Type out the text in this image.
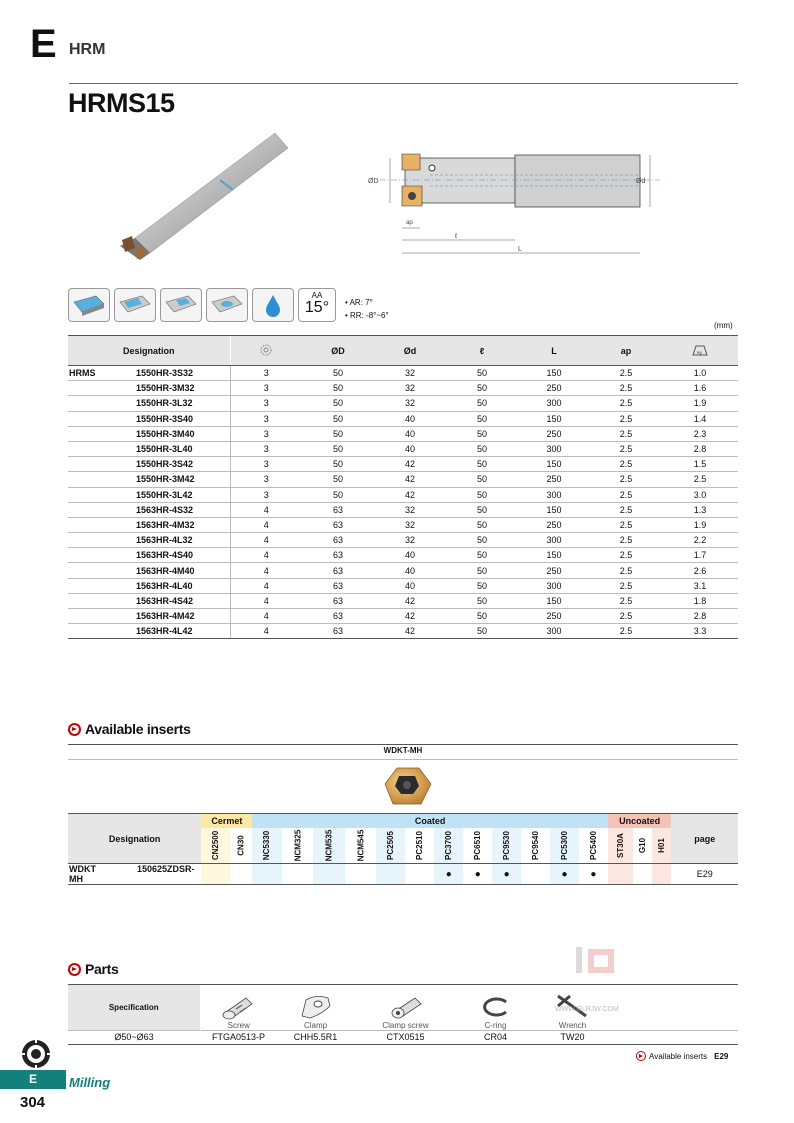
E HRM
HRMS15
ØD	Ød
ap
ℓ
L
AA
15°	• AR: 7°
• RR: -8°~6°
(mm)
Designation			ØD	Ød	ℓ	L	ap	kg

HRMS	1550HR-3S32	3	50	32	50	150	2.5	1.0
	1550HR-3M32	3	50	32	50	250	2.5	1.6
	1550HR-3L32	3	50	32	50	300	2.5	1.9
	1550HR-3S40	3	50	40	50	150	2.5	1.4
	1550HR-3M40	3	50	40	50	250	2.5	2.3
	1550HR-3L40	3	50	40	50	300	2.5	2.8
	1550HR-3S42	3	50	42	50	150	2.5	1.5
	1550HR-3M42	3	50	42	50	250	2.5	2.5
	1550HR-3L42	3	50	42	50	300	2.5	3.0
	1563HR-4S32	4	63	32	50	150	2.5	1.3
	1563HR-4M32	4	63	32	50	250	2.5	1.9
	1563HR-4L32	4	63	32	50	300	2.5	2.2
	1563HR-4S40	4	63	40	50	150	2.5	1.7
	1563HR-4M40	4	63	40	50	250	2.5	2.6
	1563HR-4L40	4	63	40	50	300	2.5	3.1
	1563HR-4S42	4	63	42	50	150	2.5	1.8
	1563HR-4M42	4	63	42	50	250	2.5	2.8
	1563HR-4L42	4	63	42	50	300	2.5	3.3
Available inserts
WDKT-MH
Designation	Cermet		Coated												Uncoated			page
	CN2500	CN30	NC5330	NCM325	NCM535	NCM545	PC2505	PC2510	PC3700	PC6510	PC9530	PC9540	PC5300	PC5400	ST30A	G10	H01	
WDKT 150625ZDSR-MH									●	●	●		●	●				E29
Parts
Specification	Screw	Clamp	Clamp screw	C-ring	Wrench	
Ø50~Ø63	FTGA0513-P	CHH5.5R1	CTX0515	CR04	TW20	
WWW.GLRJW.COM
Available inserts E29
E	Milling
304
